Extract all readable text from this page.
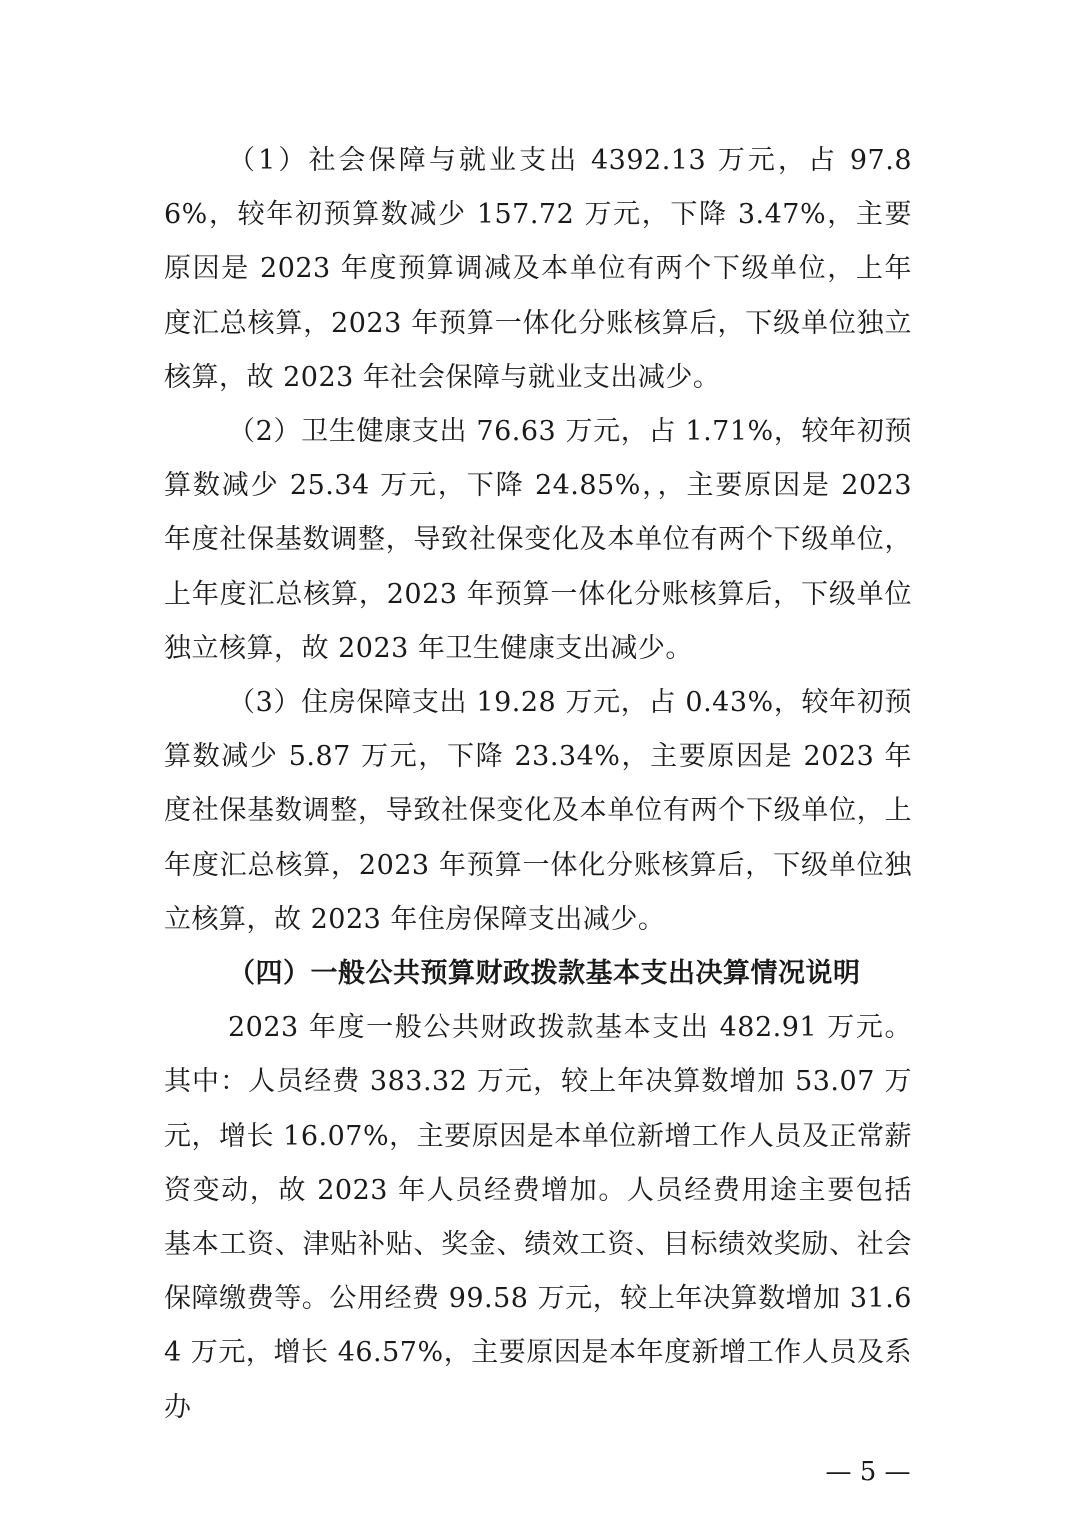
（1）社会保障与就业支出 4392.13 万元，占 97.86%，较年初预算数减少 157.72 万元，下降 3.47%，主要原因是 2023 年度预算调减及本单位有两个下级单位，上年度汇总核算，2023 年预算一体化分账核算后，下级单位独立核算，故 2023 年社会保障与就业支出减少。

（2）卫生健康支出 76.63 万元，占 1.71%，较年初预算数减少 25.34 万元，下降 24.85%，，主要原因是 2023 年度社保基数调整，导致社保变化及本单位有两个下级单位，上年度汇总核算，2023 年预算一体化分账核算后，下级单位独立核算，故 2023 年卫生健康支出减少。

（3）住房保障支出 19.28 万元，占 0.43%，较年初预算数减少 5.87 万元，下降 23.34%，主要原因是 2023 年度社保基数调整，导致社保变化及本单位有两个下级单位，上年度汇总核算，2023 年预算一体化分账核算后，下级单位独立核算，故 2023 年住房保障支出减少。

（四）一般公共预算财政拨款基本支出决算情况说明

2023 年度一般公共财政拨款基本支出 482.91 万元。其中：人员经费 383.32 万元，较上年决算数增加 53.07 万元，增长 16.07%，主要原因是本单位新增工作人员及正常薪资变动，故 2023 年人员经费增加。人员经费用途主要包括基本工资、津贴补贴、奖金、绩效工资、目标绩效奖励、社会保障缴费等。公用经费 99.58 万元，较上年决算数增加 31.64 万元，增长 46.57%，主要原因是本年度新增工作人员及系办

— 5 —
